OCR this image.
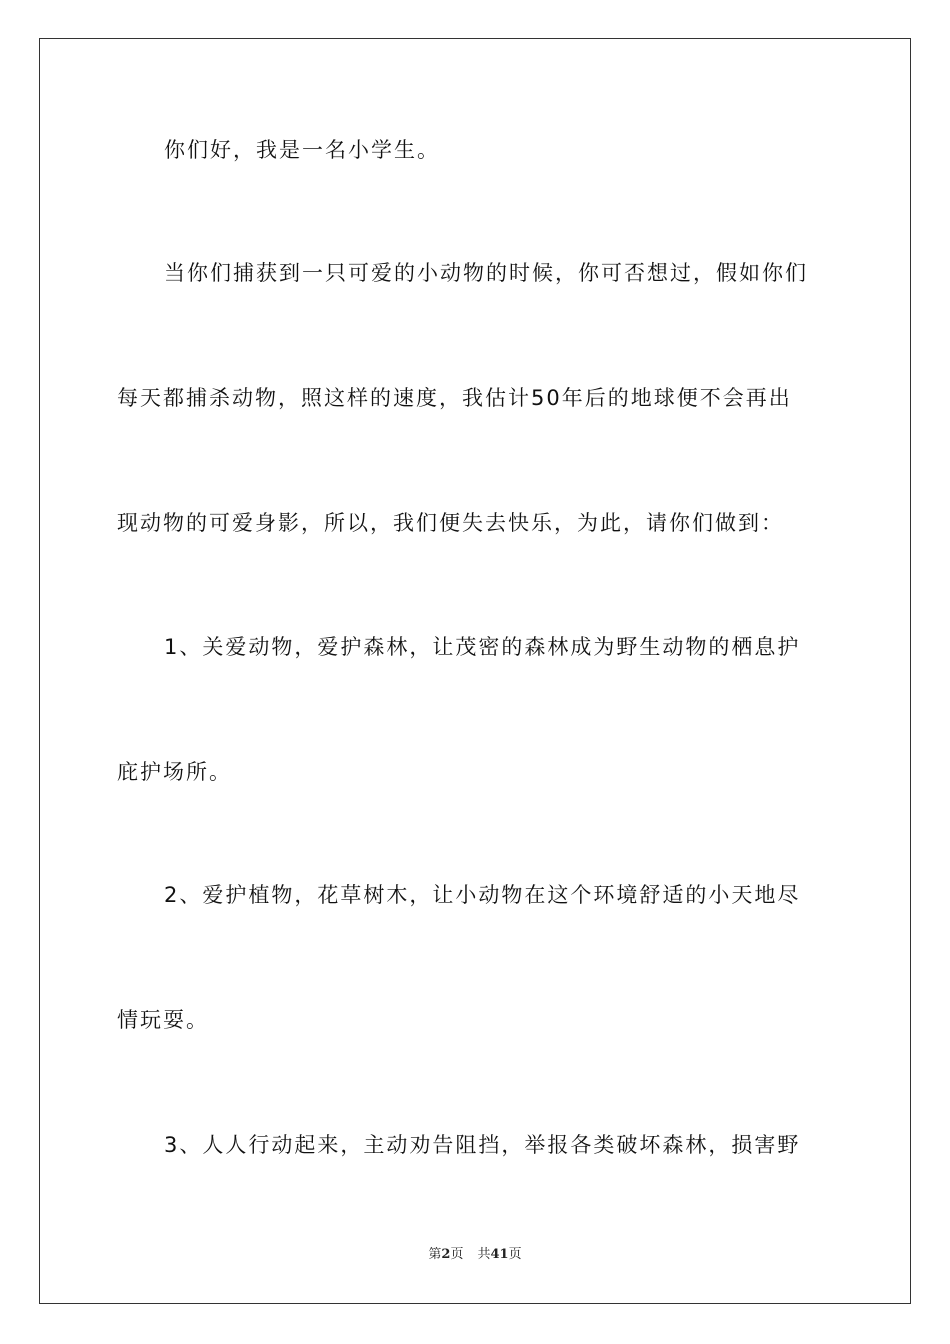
你们好，我是一名小学生。
当你们捕获到一只可爱的小动物的时候，你可否想过，假如你们
每天都捕杀动物，照这样的速度，我估计50年后的地球便不会再出
现动物的可爱身影，所以，我们便失去快乐，为此，请你们做到：
1、关爱动物，爱护森林，让茂密的森林成为野生动物的栖息护
庇护场所。
2、爱护植物，花草树木，让小动物在这个环境舒适的小天地尽
情玩耍。
3、人人行动起来，主动劝告阻挡，举报各类破坏森林，损害野
第2页 共41页
